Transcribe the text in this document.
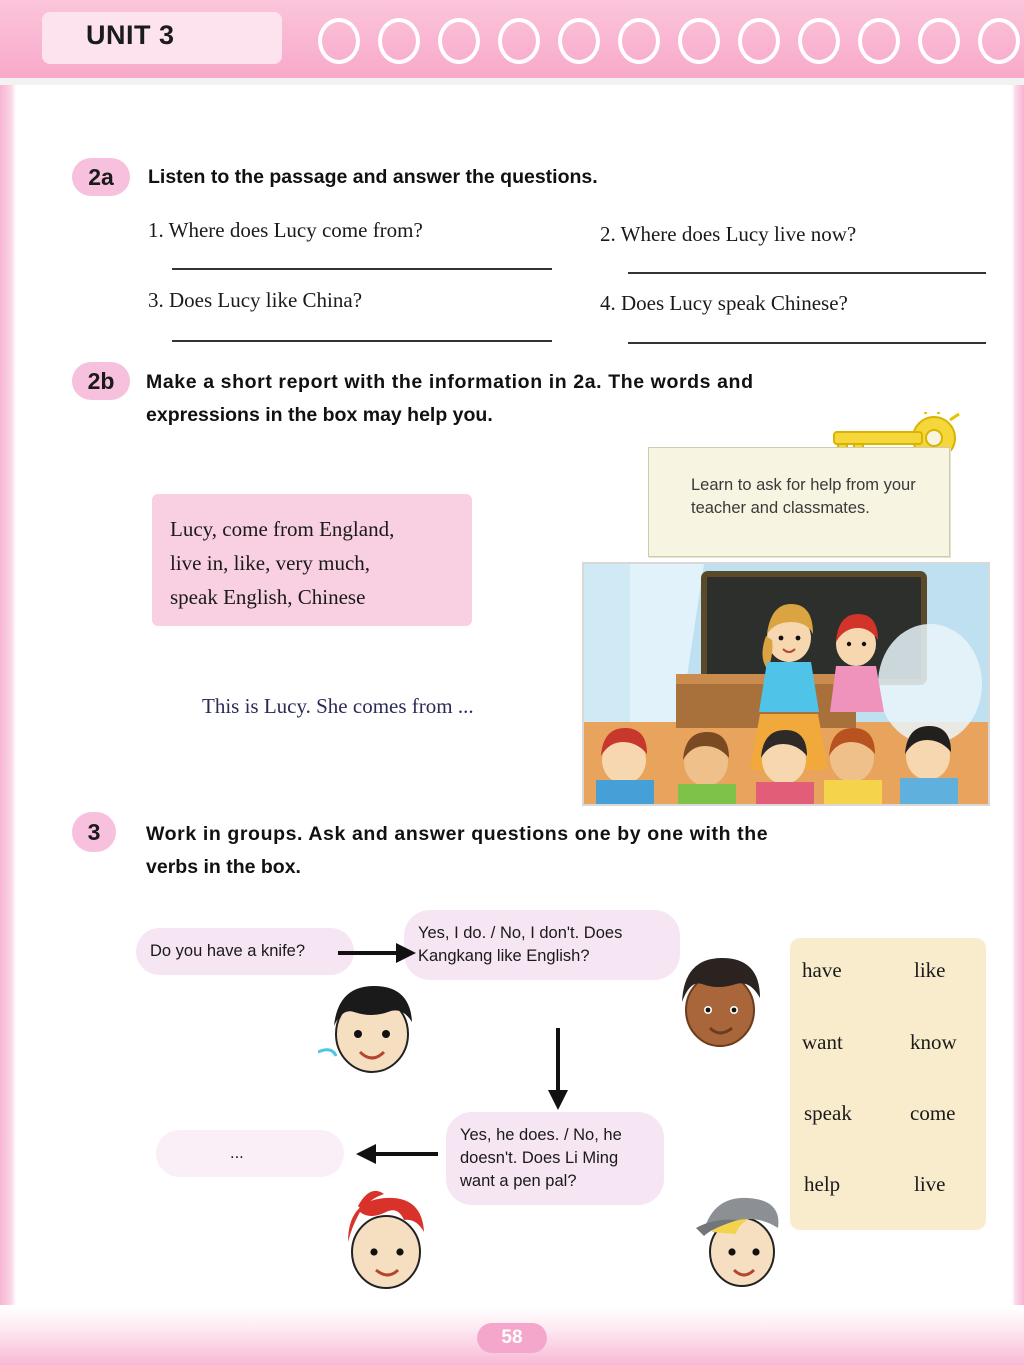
UNIT 3
2a	Listen to the passage and answer the questions.
1. Where does Lucy come from?	2. Where does Lucy live now?
3. Does Lucy like China?	4. Does Lucy speak Chinese?
2b	Make a short report with the information in 2a. The words and
expressions in the box may help you.
Learn to ask for help from your teacher and classmates.

Lucy, come from England,

live in, like, very much,

speak English, Chinese

This is Lucy. She comes from ...
3	Work in groups. Ask and answer questions one by one with the
verbs in the box.
Do you have a knife?
Yes, I do. / No, I don't. Does Kangkang like English?
Yes, he does. / No, he doesn't. Does Li Ming want a pen pal?
...
have	like
want	know
speak	come
help	live
58
